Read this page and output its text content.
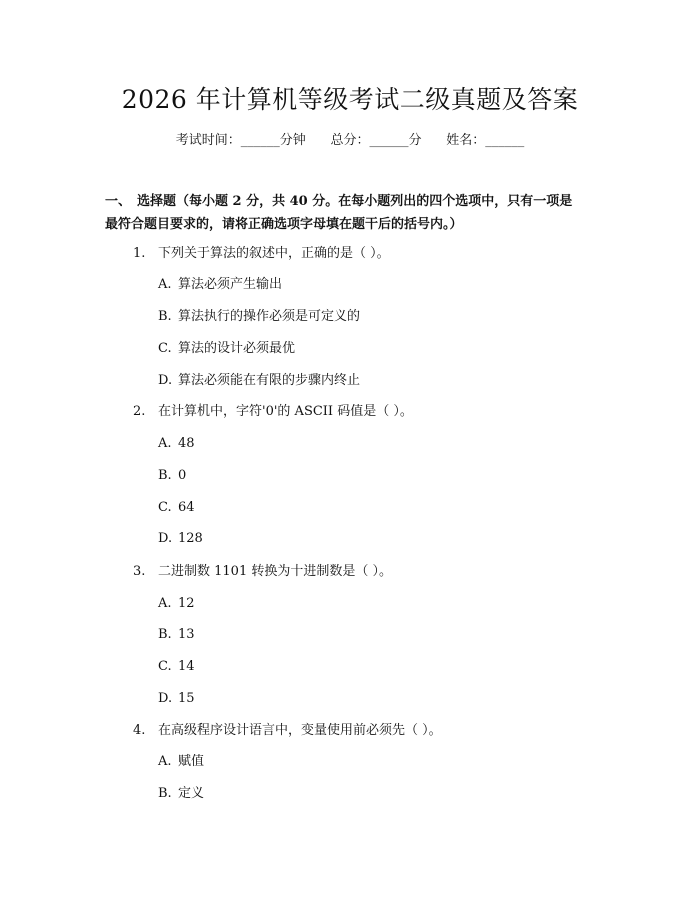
2026 年计算机等级考试二级真题及答案
考试时间：______分钟      总分：______分      姓名：______
一、 选择题（每小题 2 分，共 40 分。在每小题列出的四个选项中，只有一项是
最符合题目要求的，请将正确选项字母填在题干后的括号内。）
1. 下列关于算法的叙述中，正确的是（ ）。
A. 算法必须产生输出
B. 算法执行的操作必须是可定义的
C. 算法的设计必须最优
D. 算法必须能在有限的步骤内终止
2. 在计算机中，字符'0'的 ASCII 码值是（ ）。
A. 48
B. 0
C. 64
D. 128
3. 二进制数 1101 转换为十进制数是（ ）。
A. 12
B. 13
C. 14
D. 15
4. 在高级程序设计语言中，变量使用前必须先（ ）。
A. 赋值
B. 定义
